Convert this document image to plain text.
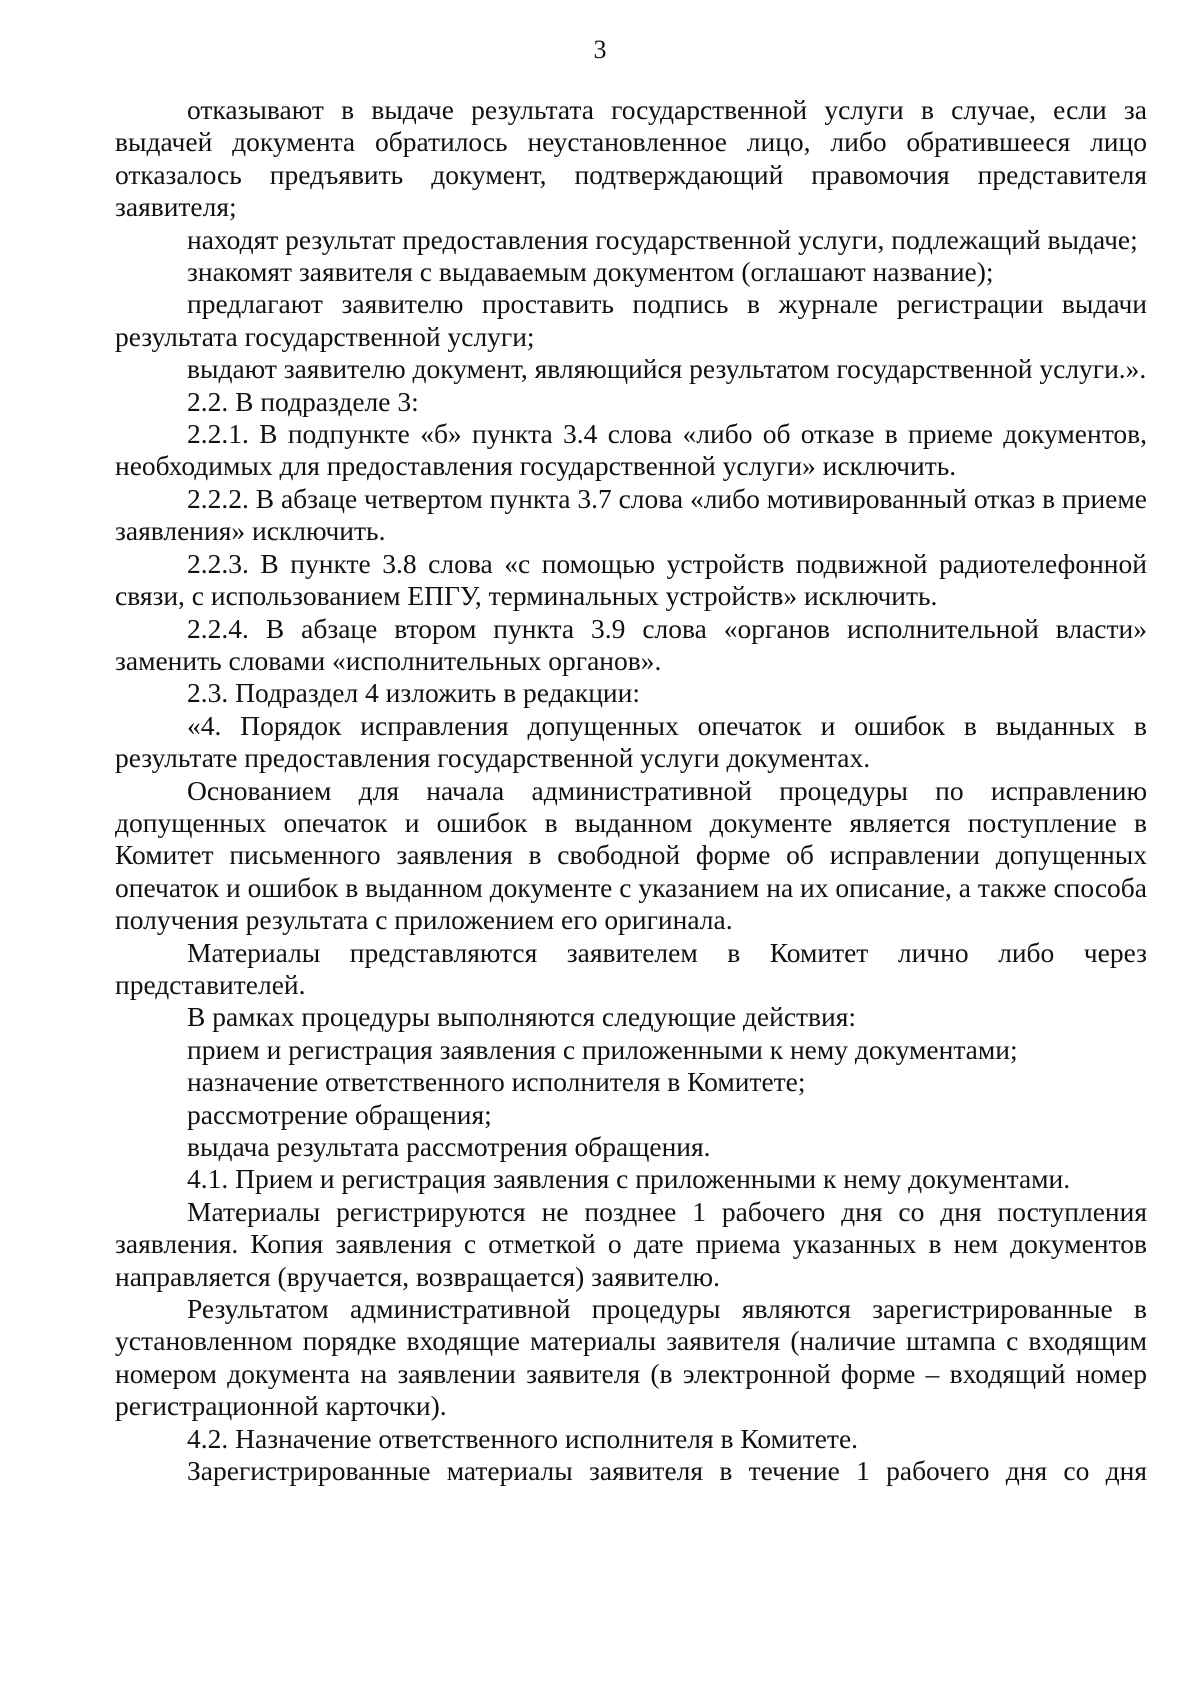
3

отказывают в выдаче результата государственной услуги в случае, если за выдачей документа обратилось неустановленное лицо, либо обратившееся лицо отказалось предъявить документ, подтверждающий правомочия представителя заявителя;

находят результат предоставления государственной услуги, подлежащий выдаче;

знакомят заявителя с выдаваемым документом (оглашают название);

предлагают заявителю проставить подпись в журнале регистрации выдачи результата государственной услуги;

выдают заявителю документ, являющийся результатом государственной услуги.».

2.2. В подразделе 3:

2.2.1. В подпункте «б» пункта 3.4 слова «либо об отказе в приеме документов, необходимых для предоставления государственной услуги» исключить.

2.2.2. В абзаце четвертом пункта 3.7 слова «либо мотивированный отказ в приеме заявления» исключить.

2.2.3. В пункте 3.8 слова «с помощью устройств подвижной радиотелефонной связи, с использованием ЕПГУ, терминальных устройств» исключить.

2.2.4. В абзаце втором пункта 3.9 слова «органов исполнительной власти» заменить словами «исполнительных органов».

2.3. Подраздел 4 изложить в редакции:

«4. Порядок исправления допущенных опечаток и ошибок в выданных в результате предоставления государственной услуги документах.

Основанием для начала административной процедуры по исправлению допущенных опечаток и ошибок в выданном документе является поступление в Комитет письменного заявления в свободной форме об исправлении допущенных опечаток и ошибок в выданном документе с указанием на их описание, а также способа получения результата с приложением его оригинала.

Материалы представляются заявителем в Комитет лично либо через представителей.

В рамках процедуры выполняются следующие действия:

прием и регистрация заявления с приложенными к нему документами;

назначение ответственного исполнителя в Комитете;

рассмотрение обращения;

выдача результата рассмотрения обращения.

4.1. Прием и регистрация заявления с приложенными к нему документами.

Материалы регистрируются не позднее 1 рабочего дня со дня поступления заявления. Копия заявления с отметкой о дате приема указанных в нем документов направляется (вручается, возвращается) заявителю.

Результатом административной процедуры являются зарегистрированные в установленном порядке входящие материалы заявителя (наличие штампа с входящим номером документа на заявлении заявителя (в электронной форме – входящий номер регистрационной карточки).

4.2. Назначение ответственного исполнителя в Комитете.

Зарегистрированные материалы заявителя в течение 1 рабочего дня со дня
